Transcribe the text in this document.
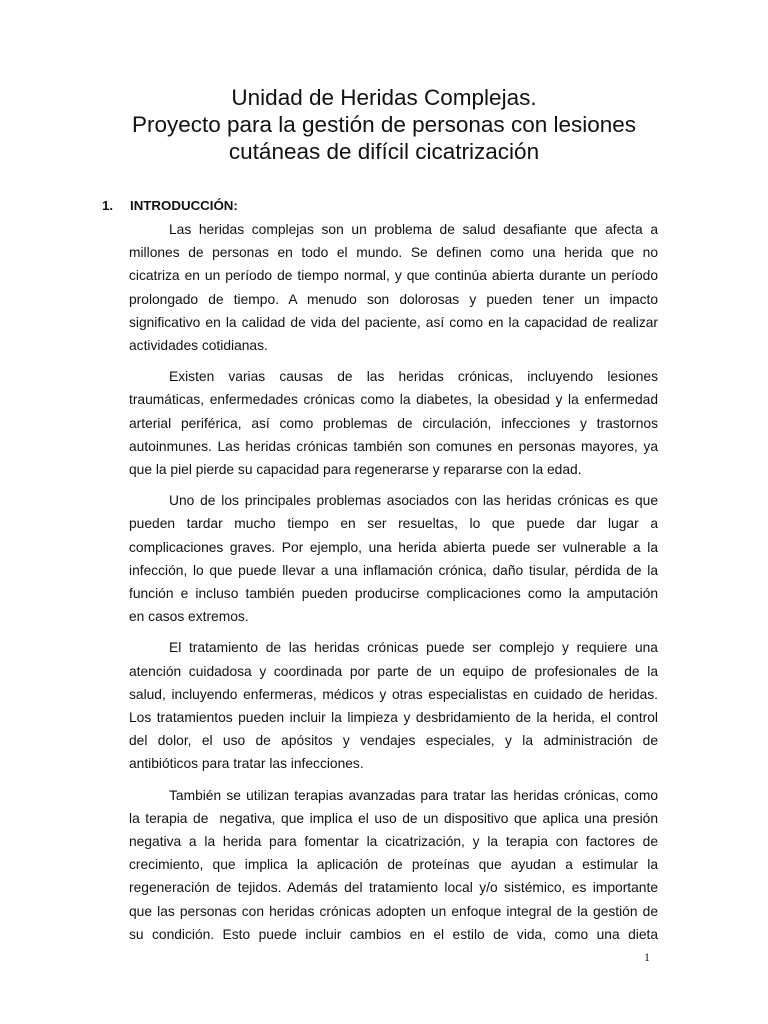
Unidad de Heridas Complejas.
Proyecto para la gestión de personas con lesiones
cutáneas de difícil cicatrización
1. INTRODUCCIÓN:
Las heridas complejas son un problema de salud desafiante que afecta a
millones de personas en todo el mundo. Se definen como una herida que no
cicatriza en un período de tiempo normal, y que continúa abierta durante un período
prolongado de tiempo. A menudo son dolorosas y pueden tener un impacto
significativo en la calidad de vida del paciente, así como en la capacidad de realizar
actividades cotidianas.
Existen varias causas de las heridas crónicas, incluyendo lesiones
traumáticas, enfermedades crónicas como la diabetes, la obesidad y la enfermedad
arterial periférica, así como problemas de circulación, infecciones y trastornos
autoinmunes. Las heridas crónicas también son comunes en personas mayores, ya
que la piel pierde su capacidad para regenerarse y repararse con la edad.
Uno de los principales problemas asociados con las heridas crónicas es que
pueden tardar mucho tiempo en ser resueltas, lo que puede dar lugar a
complicaciones graves. Por ejemplo, una herida abierta puede ser vulnerable a la
infección, lo que puede llevar a una inflamación crónica, daño tisular, pérdida de la
función e incluso también pueden producirse complicaciones como la amputación
en casos extremos.
El tratamiento de las heridas crónicas puede ser complejo y requiere una
atención cuidadosa y coordinada por parte de un equipo de profesionales de la
salud, incluyendo enfermeras, médicos y otras especialistas en cuidado de heridas.
Los tratamientos pueden incluir la limpieza y desbridamiento de la herida, el control
del dolor, el uso de apósitos y vendajes especiales, y la administración de
antibióticos para tratar las infecciones.
También se utilizan terapias avanzadas para tratar las heridas crónicas, como
la terapia de  negativa, que implica el uso de un dispositivo que aplica una presión
negativa a la herida para fomentar la cicatrización, y la terapia con factores de
crecimiento, que implica la aplicación de proteínas que ayudan a estimular la
regeneración de tejidos. Además del tratamiento local y/o sistémico, es importante
que las personas con heridas crónicas adopten un enfoque integral de la gestión de
su condición. Esto puede incluir cambios en el estilo de vida, como una dieta
1
